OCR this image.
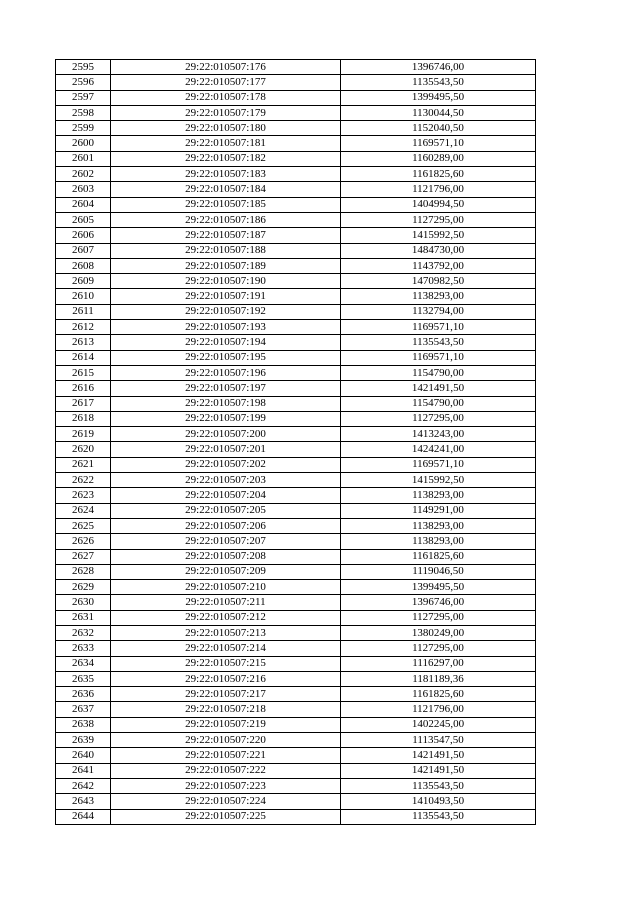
2595	29:22:010507:176	1396746,00
2596	29:22:010507:177	1135543,50
2597	29:22:010507:178	1399495,50
2598	29:22:010507:179	1130044,50
2599	29:22:010507:180	1152040,50
2600	29:22:010507:181	1169571,10
2601	29:22:010507:182	1160289,00
2602	29:22:010507:183	1161825,60
2603	29:22:010507:184	1121796,00
2604	29:22:010507:185	1404994,50
2605	29:22:010507:186	1127295,00
2606	29:22:010507:187	1415992,50
2607	29:22:010507:188	1484730,00
2608	29:22:010507:189	1143792,00
2609	29:22:010507:190	1470982,50
2610	29:22:010507:191	1138293,00
2611	29:22:010507:192	1132794,00
2612	29:22:010507:193	1169571,10
2613	29:22:010507:194	1135543,50
2614	29:22:010507:195	1169571,10
2615	29:22:010507:196	1154790,00
2616	29:22:010507:197	1421491,50
2617	29:22:010507:198	1154790,00
2618	29:22:010507:199	1127295,00
2619	29:22:010507:200	1413243,00
2620	29:22:010507:201	1424241,00
2621	29:22:010507:202	1169571,10
2622	29:22:010507:203	1415992,50
2623	29:22:010507:204	1138293,00
2624	29:22:010507:205	1149291,00
2625	29:22:010507:206	1138293,00
2626	29:22:010507:207	1138293,00
2627	29:22:010507:208	1161825,60
2628	29:22:010507:209	1119046,50
2629	29:22:010507:210	1399495,50
2630	29:22:010507:211	1396746,00
2631	29:22:010507:212	1127295,00
2632	29:22:010507:213	1380249,00
2633	29:22:010507:214	1127295,00
2634	29:22:010507:215	1116297,00
2635	29:22:010507:216	1181189,36
2636	29:22:010507:217	1161825,60
2637	29:22:010507:218	1121796,00
2638	29:22:010507:219	1402245,00
2639	29:22:010507:220	1113547,50
2640	29:22:010507:221	1421491,50
2641	29:22:010507:222	1421491,50
2642	29:22:010507:223	1135543,50
2643	29:22:010507:224	1410493,50
2644	29:22:010507:225	1135543,50
